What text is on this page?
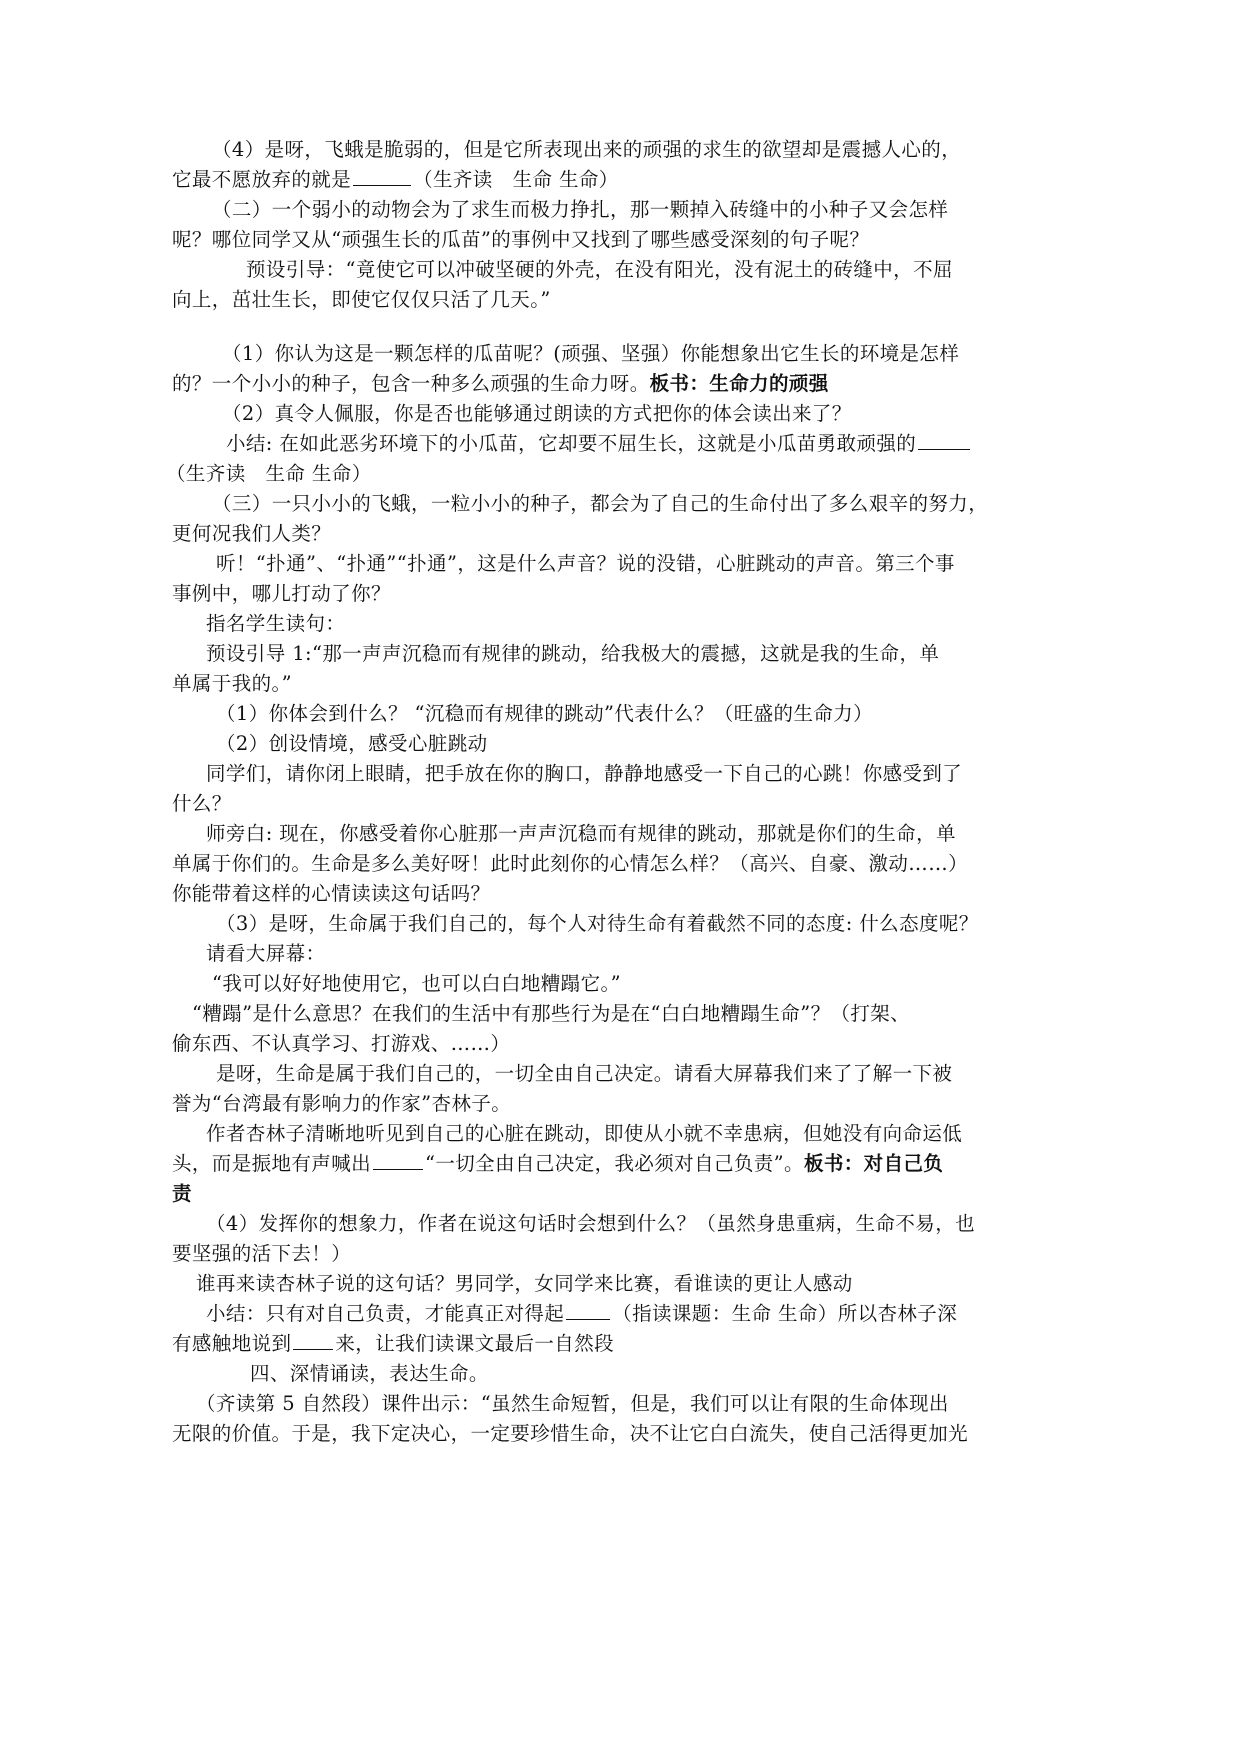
（4）是呀，飞蛾是脆弱的，但是它所表现出来的顽强的求生的欲望却是震撼人心的，
它最不愿放弃的就是	（生齐读　生命 生命）
（二）一个弱小的动物会为了求生而极力挣扎，那一颗掉入砖缝中的小种子又会怎样
呢？哪位同学又从“顽强生长的瓜苗”的事例中又找到了哪些感受深刻的句子呢？
预设引导：“竟使它可以冲破坚硬的外壳，在没有阳光，没有泥土的砖缝中，不屈
向上，茁壮生长，即使它仅仅只活了几天。”
（1）你认为这是一颗怎样的瓜苗呢？(顽强、坚强）你能想象出它生长的环境是怎样
的？一个小小的种子，包含一种多么顽强的生命力呀。板书：生命力的顽强
（2）真令人佩服，你是否也能够通过朗读的方式把你的体会读出来了？
小结: 在如此恶劣环境下的小瓜苗，它却要不屈生长，这就是小瓜苗勇敢顽强的
（生齐读　生命 生命）
（三）一只小小的飞蛾，一粒小小的种子，都会为了自己的生命付出了多么艰辛的努力，
更何况我们人类？
听！“扑通”、“扑通”“扑通”，这是什么声音？说的没错，心脏跳动的声音。第三个事
事例中，哪儿打动了你？
指名学生读句：
预设引导 1:“那一声声沉稳而有规律的跳动，给我极大的震撼，这就是我的生命，单
单属于我的。”
（1）你体会到什么？ “沉稳而有规律的跳动”代表什么？（旺盛的生命力）
（2）创设情境，感受心脏跳动
同学们，请你闭上眼睛，把手放在你的胸口，静静地感受一下自己的心跳！你感受到了
什么？
师旁白: 现在，你感受着你心脏那一声声沉稳而有规律的跳动，那就是你们的生命，单
单属于你们的。生命是多么美好呀！此时此刻你的心情怎么样？（高兴、自豪、激动……）
你能带着这样的心情读读这句话吗？
（3）是呀，生命属于我们自己的，每个人对待生命有着截然不同的态度: 什么态度呢？
请看大屏幕：
“我可以好好地使用它，也可以白白地糟蹋它。”
“糟蹋”是什么意思？在我们的生活中有那些行为是在“白白地糟蹋生命”？（打架、
偷东西、不认真学习、打游戏、……）
是呀，生命是属于我们自己的，一切全由自己决定。请看大屏幕我们来了了解一下被
誉为“台湾最有影响力的作家”杏林子。
作者杏林子清晰地听见到自己的心脏在跳动，即使从小就不幸患病，但她没有向命运低
头，而是振地有声喊出	“一切全由自己决定，我必须对自己负责”。板书：对自己负
责
（4）发挥你的想象力，作者在说这句话时会想到什么？（虽然身患重病，生命不易，也
要坚强的活下去！）
谁再来读杏林子说的这句话？男同学，女同学来比赛，看谁读的更让人感动
小结：只有对自己负责，才能真正对得起 （指读课题：生命 生命）所以杏林子深
有感触地说到 来，让我们读课文最后一自然段
四、深情诵读，表达生命。
（齐读第 5 自然段）课件出示：“虽然生命短暂，但是，我们可以让有限的生命体现出
无限的价值。于是，我下定决心，一定要珍惜生命，决不让它白白流失，使自己活得更加光
